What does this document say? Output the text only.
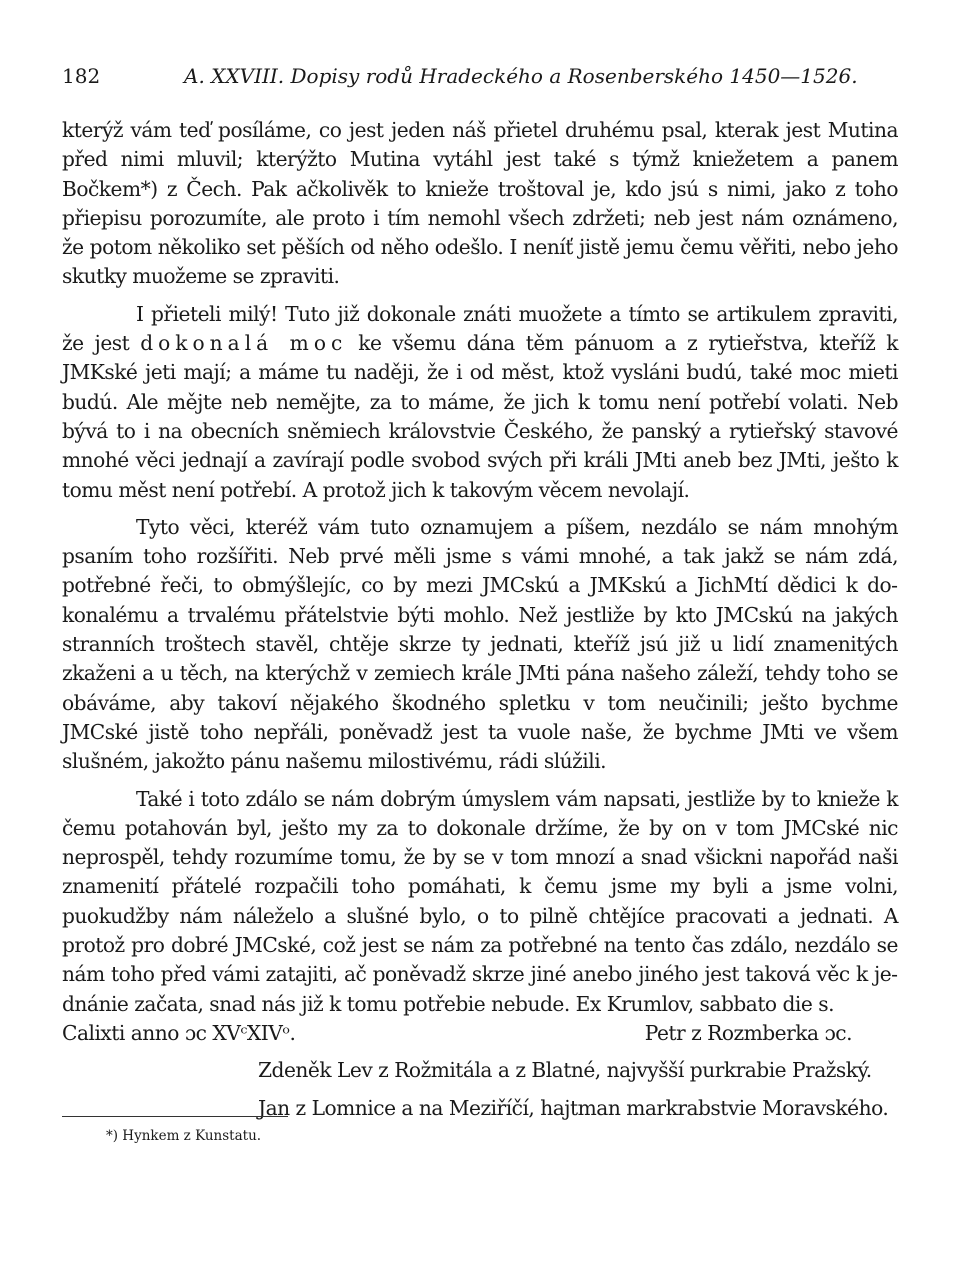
182	A. XXVIII. Dopisy rodů Hradeckého a Rosenberského 1450—1526.

kterýž vám teď posíláme, co jest jeden náš přietel druhému psal, kterak jest Mutina před nimi mluvil; kterýžto Mutina vytáhl jest také s týmž kniežetem a panem Bočkem*) z Čech. Pak ačkolivěk to knieže troštoval je, kdo jsú s nimi, jako z toho přiepisu porozumíte, ale proto i tím nemohl všech zdržeti; neb jest nám oznámeno, že potom několiko set pěších od něho odešlo. I neníť jistě jemu čemu věřiti, nebo jeho skutky muožeme se zpraviti.

I přieteli milý! Tuto již dokonale znáti muožete a tímto se artikulem zpraviti, že jest dokonalá moc ke všemu dána těm pánuom a z rytieřstva, kteříž k JMKské jeti mají; a máme tu naději, že i od měst, ktož vysláni budú, také moc mieti budú. Ale mějte neb nemějte, za to máme, že jich k tomu není potřebí volati. Neb bývá to i na obecních sněmiech královstvie Českého, že panský a rytieřský stavové mnohé věci jednají a zavírají podle svobod svých při králi JMti aneb bez JMti, ješto k tomu měst není potřebí. A protož jich k takovým věcem nevolají.

Tyto věci, kteréž vám tuto oznamujem a píšem, nezdálo se nám mnohým psaním toho rozšířiti. Neb prvé měli jsme s vámi mnohé, a tak jakž se nám zdá, potřebné řeči, to obmýšlejíc, co by mezi JMCskú a JMKskú a JichMtí dědici k dokonalému a trvalému přátelstvie býti mohlo. Než jestliže by kto JMCskú na jakých stranních troštech stavěl, chtěje skrze ty jednati, kteříž jsú již u lidí znamenitých zkaženi a u těch, na kterýchž v zemiech krále JMti pána našeho záleží, tehdy toho se obáváme, aby takoví nějakého škodného spletku v tom neučinili; ješto bychme JMCské jistě toho nepřáli, poněvadž jest ta vuole naše, že bychme JMti ve všem slušném, jakožto pánu našemu milostivému, rádi slúžili.

Také i toto zdálo se nám dobrým úmyslem vám napsati, jestliže by to knieže k čemu potahován byl, ješto my za to dokonale držíme, že by on v tom JMCské nic neprospěl, tehdy rozumíme tomu, že by se v tom mnozí a snad všickni napořád naši znamenití přátelé rozpačili toho pomáhati, k čemu jsme my byli a jsme volni, puokudžby nám náleželo a slušné bylo, o to pilně chtějíce pracovati a jednati. A protož pro dobré JMCské, což jest se nám za potřebné na tento čas zdálo, nezdálo se nám toho před vámi zatajiti, ač poněvadž skrze jiné anebo jiného jest taková věc k jednánie začata, snad nás již k tomu potřebie nebude. Ex Krumlov, sabbato die s.

Calixti anno ɔc XVᶜXIVᵒ.	Petr z Rozmberka ɔc.
Zdeněk Lev z Rožmitála a z Blatné, najvyšší purkrabie Pražský.
Jan z Lomnice a na Meziříčí, hajtman markrabstvie Moravského.
*) Hynkem z Kunstatu.
